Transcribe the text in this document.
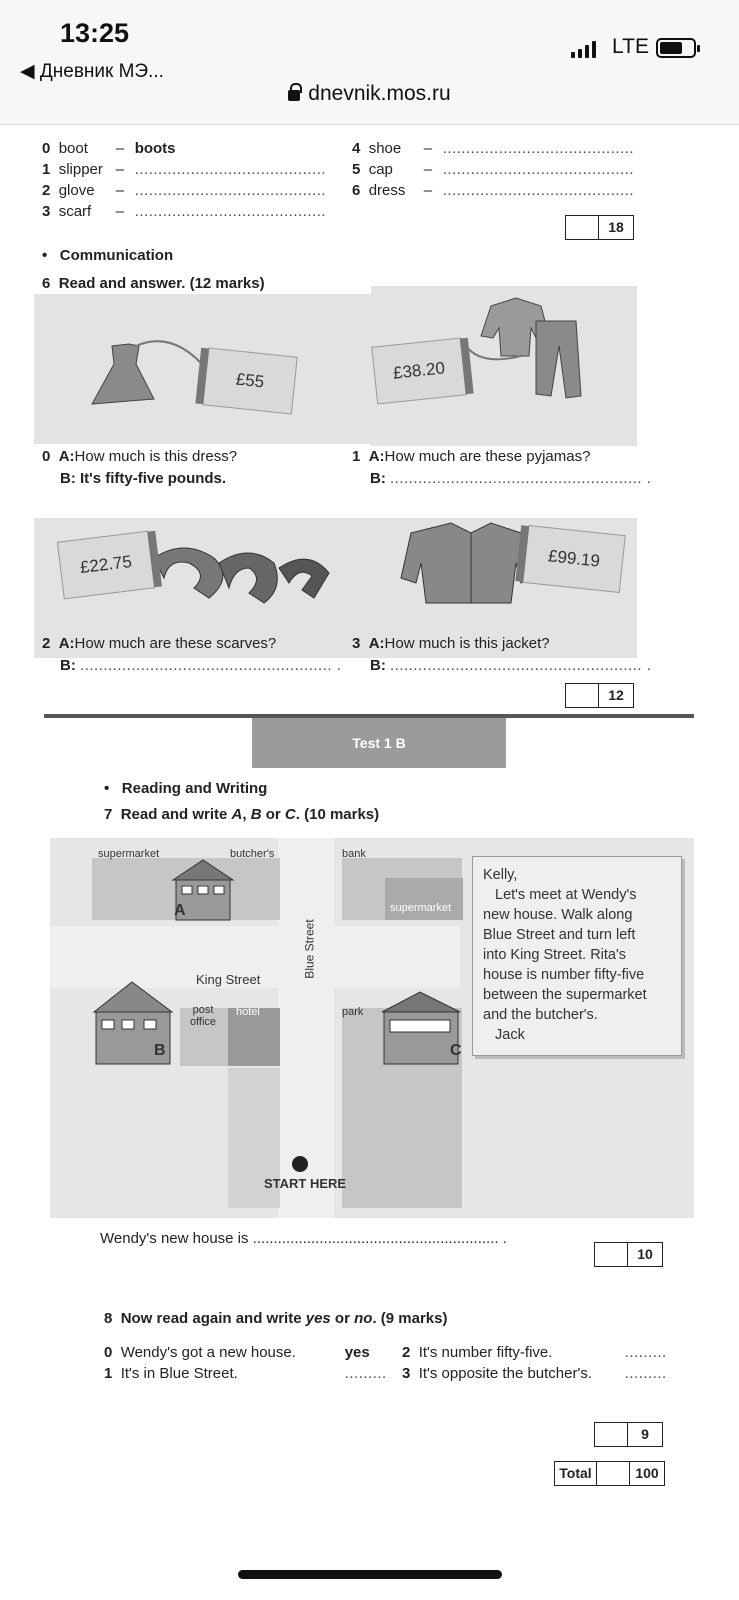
13:25
◀ Дневник МЭ...
LTE
dnevnik.mos.ru
0 boot – boots
1 slipper – .........................................
2 glove – .........................................
3 scarf – .........................................
4 shoe – .........................................
5 cap – .........................................
6 dress – .........................................
18
•   Communication
6 Read and answer. (12 marks)
£55	£38.20
0 A:How much is this dress?
B: It's fifty-five pounds.
1 A:How much are these pyjamas?
B: ...................................................... .
£22.75	£99.19
2 A:How much are these scarves?
B: ...................................................... .
3 A:How much is this jacket?
B: ...................................................... .
12
Test 1 B
•   Reading and Writing
7 Read and write A, B or C. (10 marks)
supermarket	butcher's	bank
supermarket
Blue Street
King Street
post office
hotel	park
START HERE
A
B	C
Kelly,
Let's meet at Wendy's
new house. Walk along
Blue Street and turn left
into King Street. Rita's
house is number fifty-five
between the supermarket
and the butcher's.
Jack
Wendy's new house is ........................................................... .
10
8 Now read again and write yes or no. (9 marks)
0 Wendy's got a new house.	yes
1 It's in Blue Street.	.........
2 It's number fifty-five.	.........
3 It's opposite the butcher's. .........
9
Total	100
